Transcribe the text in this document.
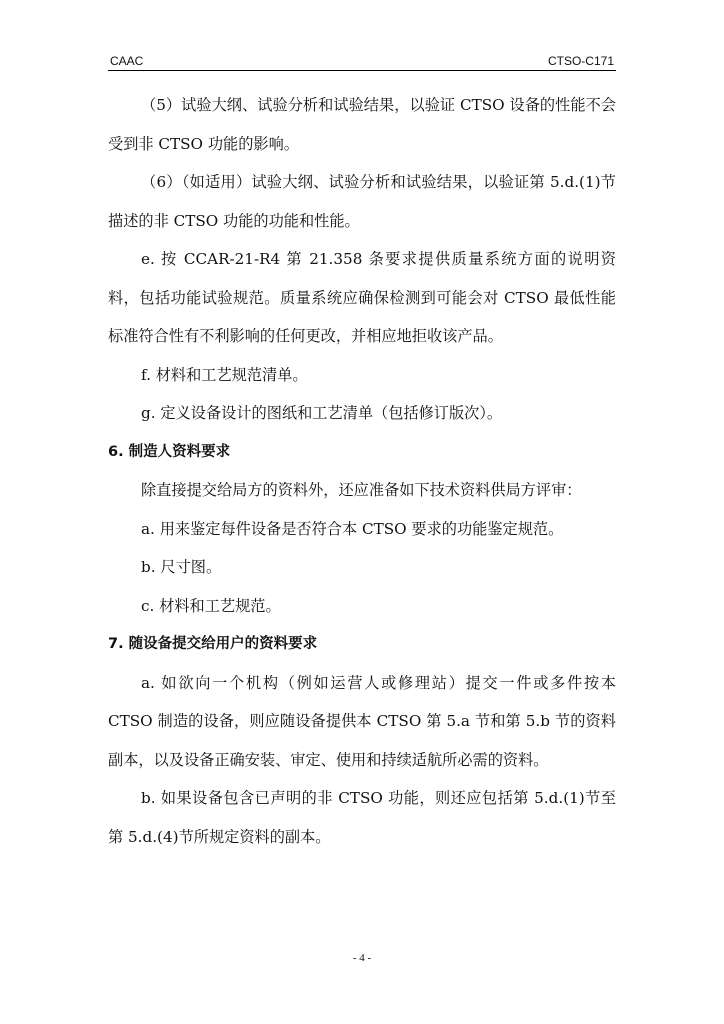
CAAC	CTSO-C171

（5）试验大纲、试验分析和试验结果，以验证 CTSO 设备的性能不会受到非 CTSO 功能的影响。

（6）（如适用）试验大纲、试验分析和试验结果，以验证第 5.d.(1)节描述的非 CTSO 功能的功能和性能。

e. 按 CCAR-21-R4 第 21.358 条要求提供质量系统方面的说明资料，包括功能试验规范。质量系统应确保检测到可能会对 CTSO 最低性能标准符合性有不利影响的任何更改，并相应地拒收该产品。

f. 材料和工艺规范清单。

g. 定义设备设计的图纸和工艺清单（包括修订版次）。

6. 制造人资料要求

除直接提交给局方的资料外，还应准备如下技术资料供局方评审：

a. 用来鉴定每件设备是否符合本 CTSO 要求的功能鉴定规范。

b. 尺寸图。

c. 材料和工艺规范。

7. 随设备提交给用户的资料要求

a. 如欲向一个机构（例如运营人或修理站）提交一件或多件按本 CTSO 制造的设备，则应随设备提供本 CTSO 第 5.a 节和第 5.b 节的资料副本，以及设备正确安装、审定、使用和持续适航所必需的资料。

b. 如果设备包含已声明的非 CTSO 功能，则还应包括第 5.d.(1)节至第 5.d.(4)节所规定资料的副本。

- 4 -
